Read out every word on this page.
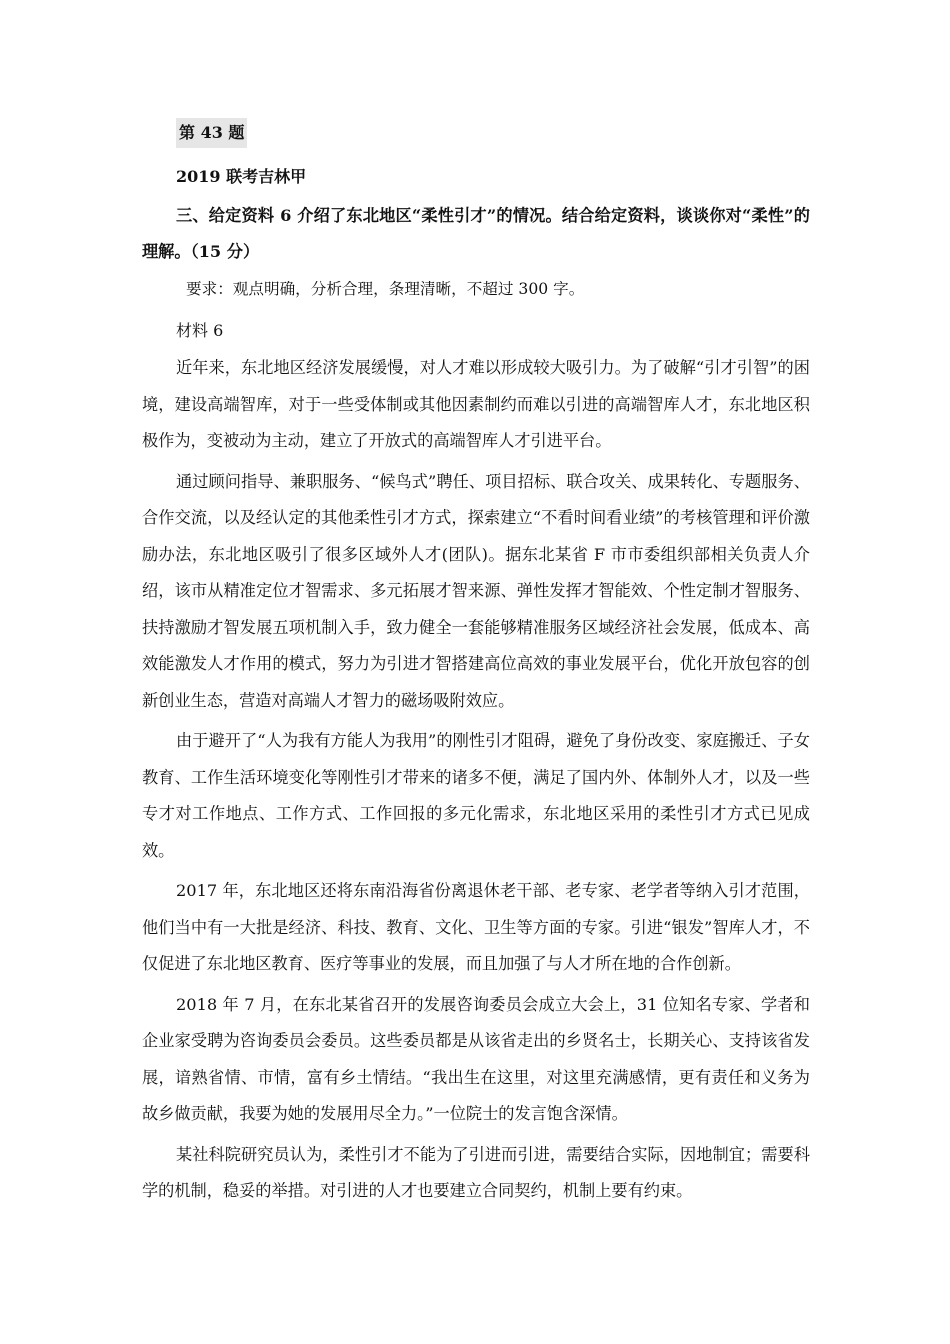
第 43 题
2019 联考吉林甲
三、给定资料 6 介绍了东北地区“柔性引才”的情况。结合给定资料，谈谈你对“柔性”的理解。（15 分）
要求：观点明确，分析合理，条理清晰，不超过 300 字。
材料 6
近年来，东北地区经济发展缓慢，对人才难以形成较大吸引力。为了破解“引才引智”的困境，建设高端智库，对于一些受体制或其他因素制约而难以引进的高端智库人才，东北地区积极作为，变被动为主动，建立了开放式的高端智库人才引进平台。
通过顾问指导、兼职服务、“候鸟式”聘任、项目招标、联合攻关、成果转化、专题服务、合作交流，以及经认定的其他柔性引才方式，探索建立“不看时间看业绩”的考核管理和评价激励办法，东北地区吸引了很多区域外人才(团队)。据东北某省 F 市市委组织部相关负责人介绍，该市从精准定位才智需求、多元拓展才智来源、弹性发挥才智能效、个性定制才智服务、扶持激励才智发展五项机制入手，致力健全一套能够精准服务区域经济社会发展，低成本、高效能激发人才作用的模式，努力为引进才智搭建高位高效的事业发展平台，优化开放包容的创新创业生态，营造对高端人才智力的磁场吸附效应。
由于避开了“人为我有方能人为我用”的刚性引才阻碍，避免了身份改变、家庭搬迁、子女教育、工作生活环境变化等刚性引才带来的诸多不便，满足了国内外、体制外人才，以及一些专才对工作地点、工作方式、工作回报的多元化需求，东北地区采用的柔性引才方式已见成效。
2017 年，东北地区还将东南沿海省份离退休老干部、老专家、老学者等纳入引才范围，他们当中有一大批是经济、科技、教育、文化、卫生等方面的专家。引进“银发”智库人才，不仅促进了东北地区教育、医疗等事业的发展，而且加强了与人才所在地的合作创新。
2018 年 7 月，在东北某省召开的发展咨询委员会成立大会上，31 位知名专家、学者和企业家受聘为咨询委员会委员。这些委员都是从该省走出的乡贤名士，长期关心、支持该省发展，谙熟省情、市情，富有乡土情结。“我出生在这里，对这里充满感情，更有责任和义务为故乡做贡献，我要为她的发展用尽全力。”一位院士的发言饱含深情。
某社科院研究员认为，柔性引才不能为了引进而引进，需要结合实际，因地制宜；需要科学的机制，稳妥的举措。对引进的人才也要建立合同契约，机制上要有约束。
